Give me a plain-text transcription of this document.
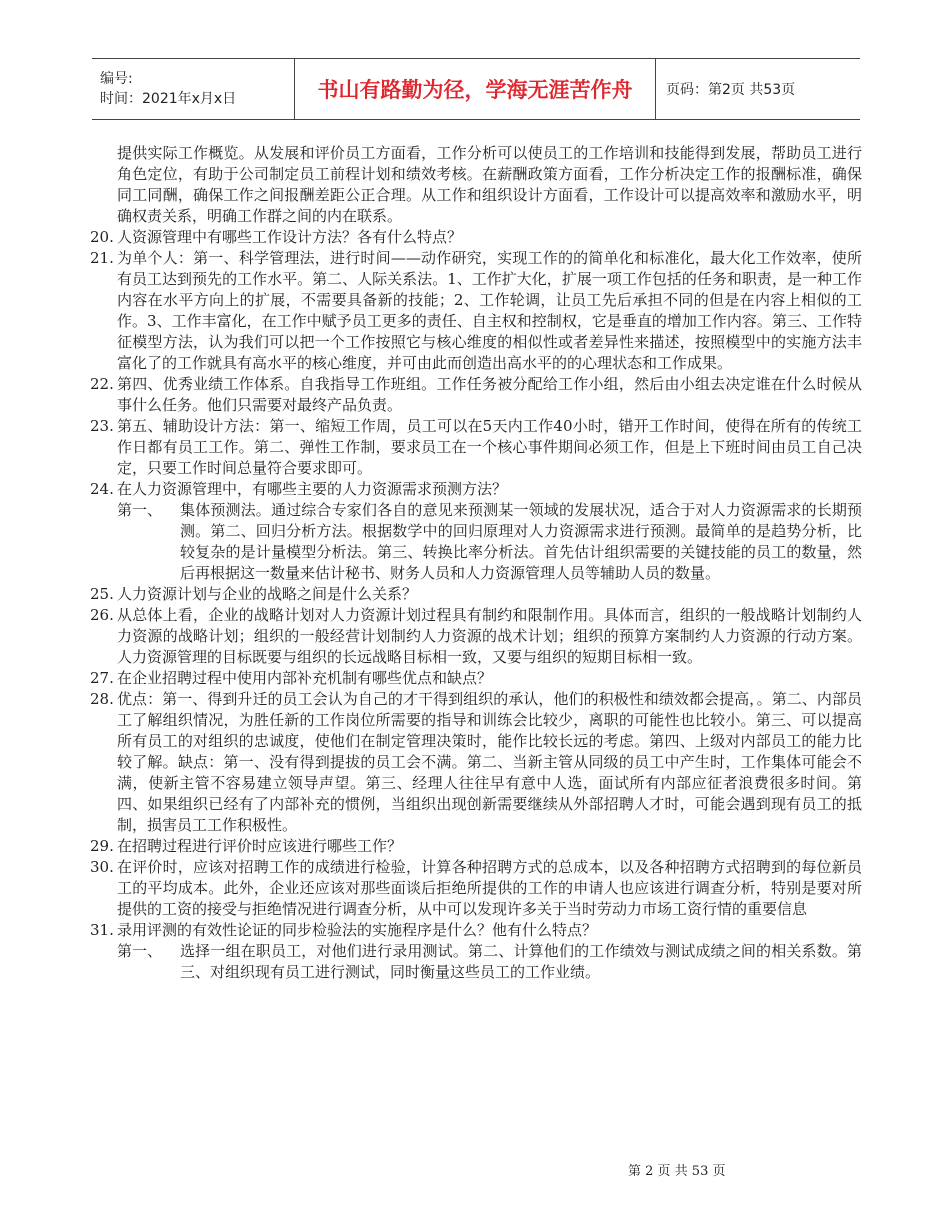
编号:
时间：2021年x月x日	书山有路勤为径，学海无涯苦作舟	页码：第2页 共53页

提供实际工作概览。从发展和评价员工方面看，工作分析可以使员工的工作培训和技能得到发展，帮助员工进行角色定位，有助于公司制定员工前程计划和绩效考核。在薪酬政策方面看，工作分析决定工作的报酬标准，确保同工同酬，确保工作之间报酬差距公正合理。从工作和组织设计方面看，工作设计可以提高效率和激励水平，明确权责关系，明确工作群之间的内在联系。

20. 人资源管理中有哪些工作设计方法？各有什么特点？
21. 为单个人：第一、科学管理法，进行时间——动作研究，实现工作的的简单化和标准化，最大化工作效率，使所有员工达到预先的工作水平。第二、人际关系法。1、工作扩大化，扩展一项工作包括的任务和职责，是一种工作内容在水平方向上的扩展，不需要具备新的技能；2、工作轮调，让员工先后承担不同的但是在内容上相似的工作。3、工作丰富化，在工作中赋予员工更多的责任、自主权和控制权，它是垂直的增加工作内容。第三、工作特征模型方法，认为我们可以把一个工作按照它与核心维度的相似性或者差异性来描述，按照模型中的实施方法丰富化了的工作就具有高水平的核心维度，并可由此而创造出高水平的的心理状态和工作成果。
22. 第四、优秀业绩工作体系。自我指导工作班组。工作任务被分配给工作小组，然后由小组去决定谁在什么时候从事什么任务。他们只需要对最终产品负责。
23. 第五、辅助设计方法：第一、缩短工作周，员工可以在5天内工作40小时，错开工作时间，使得在所有的传统工作日都有员工工作。第二、弹性工作制，要求员工在一个核心事件期间必须工作，但是上下班时间由员工自己决定，只要工作时间总量符合要求即可。
24. 在人力资源管理中，有哪些主要的人力资源需求预测方法？
第一、	集体预测法。通过综合专家们各自的意见来预测某一领域的发展状况，适合于对人力资源需求的长期预测。第二、回归分析方法。根据数学中的回归原理对人力资源需求进行预测。最简单的是趋势分析，比较复杂的是计量模型分析法。第三、转换比率分析法。首先估计组织需要的关键技能的员工的数量，然后再根据这一数量来估计秘书、财务人员和人力资源管理人员等辅助人员的数量。
25. 人力资源计划与企业的战略之间是什么关系？
26. 从总体上看，企业的战略计划对人力资源计划过程具有制约和限制作用。具体而言，组织的一般战略计划制约人力资源的战略计划；组织的一般经营计划制约人力资源的战术计划；组织的预算方案制约人力资源的行动方案。人力资源管理的目标既要与组织的长远战略目标相一致，又要与组织的短期目标相一致。
27. 在企业招聘过程中使用内部补充机制有哪些优点和缺点？
28. 优点：第一、得到升迁的员工会认为自己的才干得到组织的承认，他们的积极性和绩效都会提高，。第二、内部员工了解组织情况，为胜任新的工作岗位所需要的指导和训练会比较少，离职的可能性也比较小。第三、可以提高所有员工的对组织的忠诚度，使他们在制定管理决策时，能作比较长远的考虑。第四、上级对内部员工的能力比较了解。缺点：第一、没有得到提拔的员工会不满。第二、当新主管从同级的员工中产生时，工作集体可能会不满，使新主管不容易建立领导声望。第三、经理人往往早有意中人选，面试所有内部应征者浪费很多时间。第四、如果组织已经有了内部补充的惯例，当组织出现创新需要继续从外部招聘人才时，可能会遇到现有员工的抵制，损害员工工作积极性。
29. 在招聘过程进行评价时应该进行哪些工作？
30. 在评价时，应该对招聘工作的成绩进行检验，计算各种招聘方式的总成本，以及各种招聘方式招聘到的每位新员工的平均成本。此外，企业还应该对那些面谈后拒绝所提供的工作的申请人也应该进行调查分析，特别是要对所提供的工资的接受与拒绝情况进行调查分析，从中可以发现许多关于当时劳动力市场工资行情的重要信息
31. 录用评测的有效性论证的同步检验法的实施程序是什么？他有什么特点？
第一、	选择一组在职员工，对他们进行录用测试。第二、计算他们的工作绩效与测试成绩之间的相关系数。第三、对组织现有员工进行测试，同时衡量这些员工的工作业绩。
第 2 页 共 53 页
